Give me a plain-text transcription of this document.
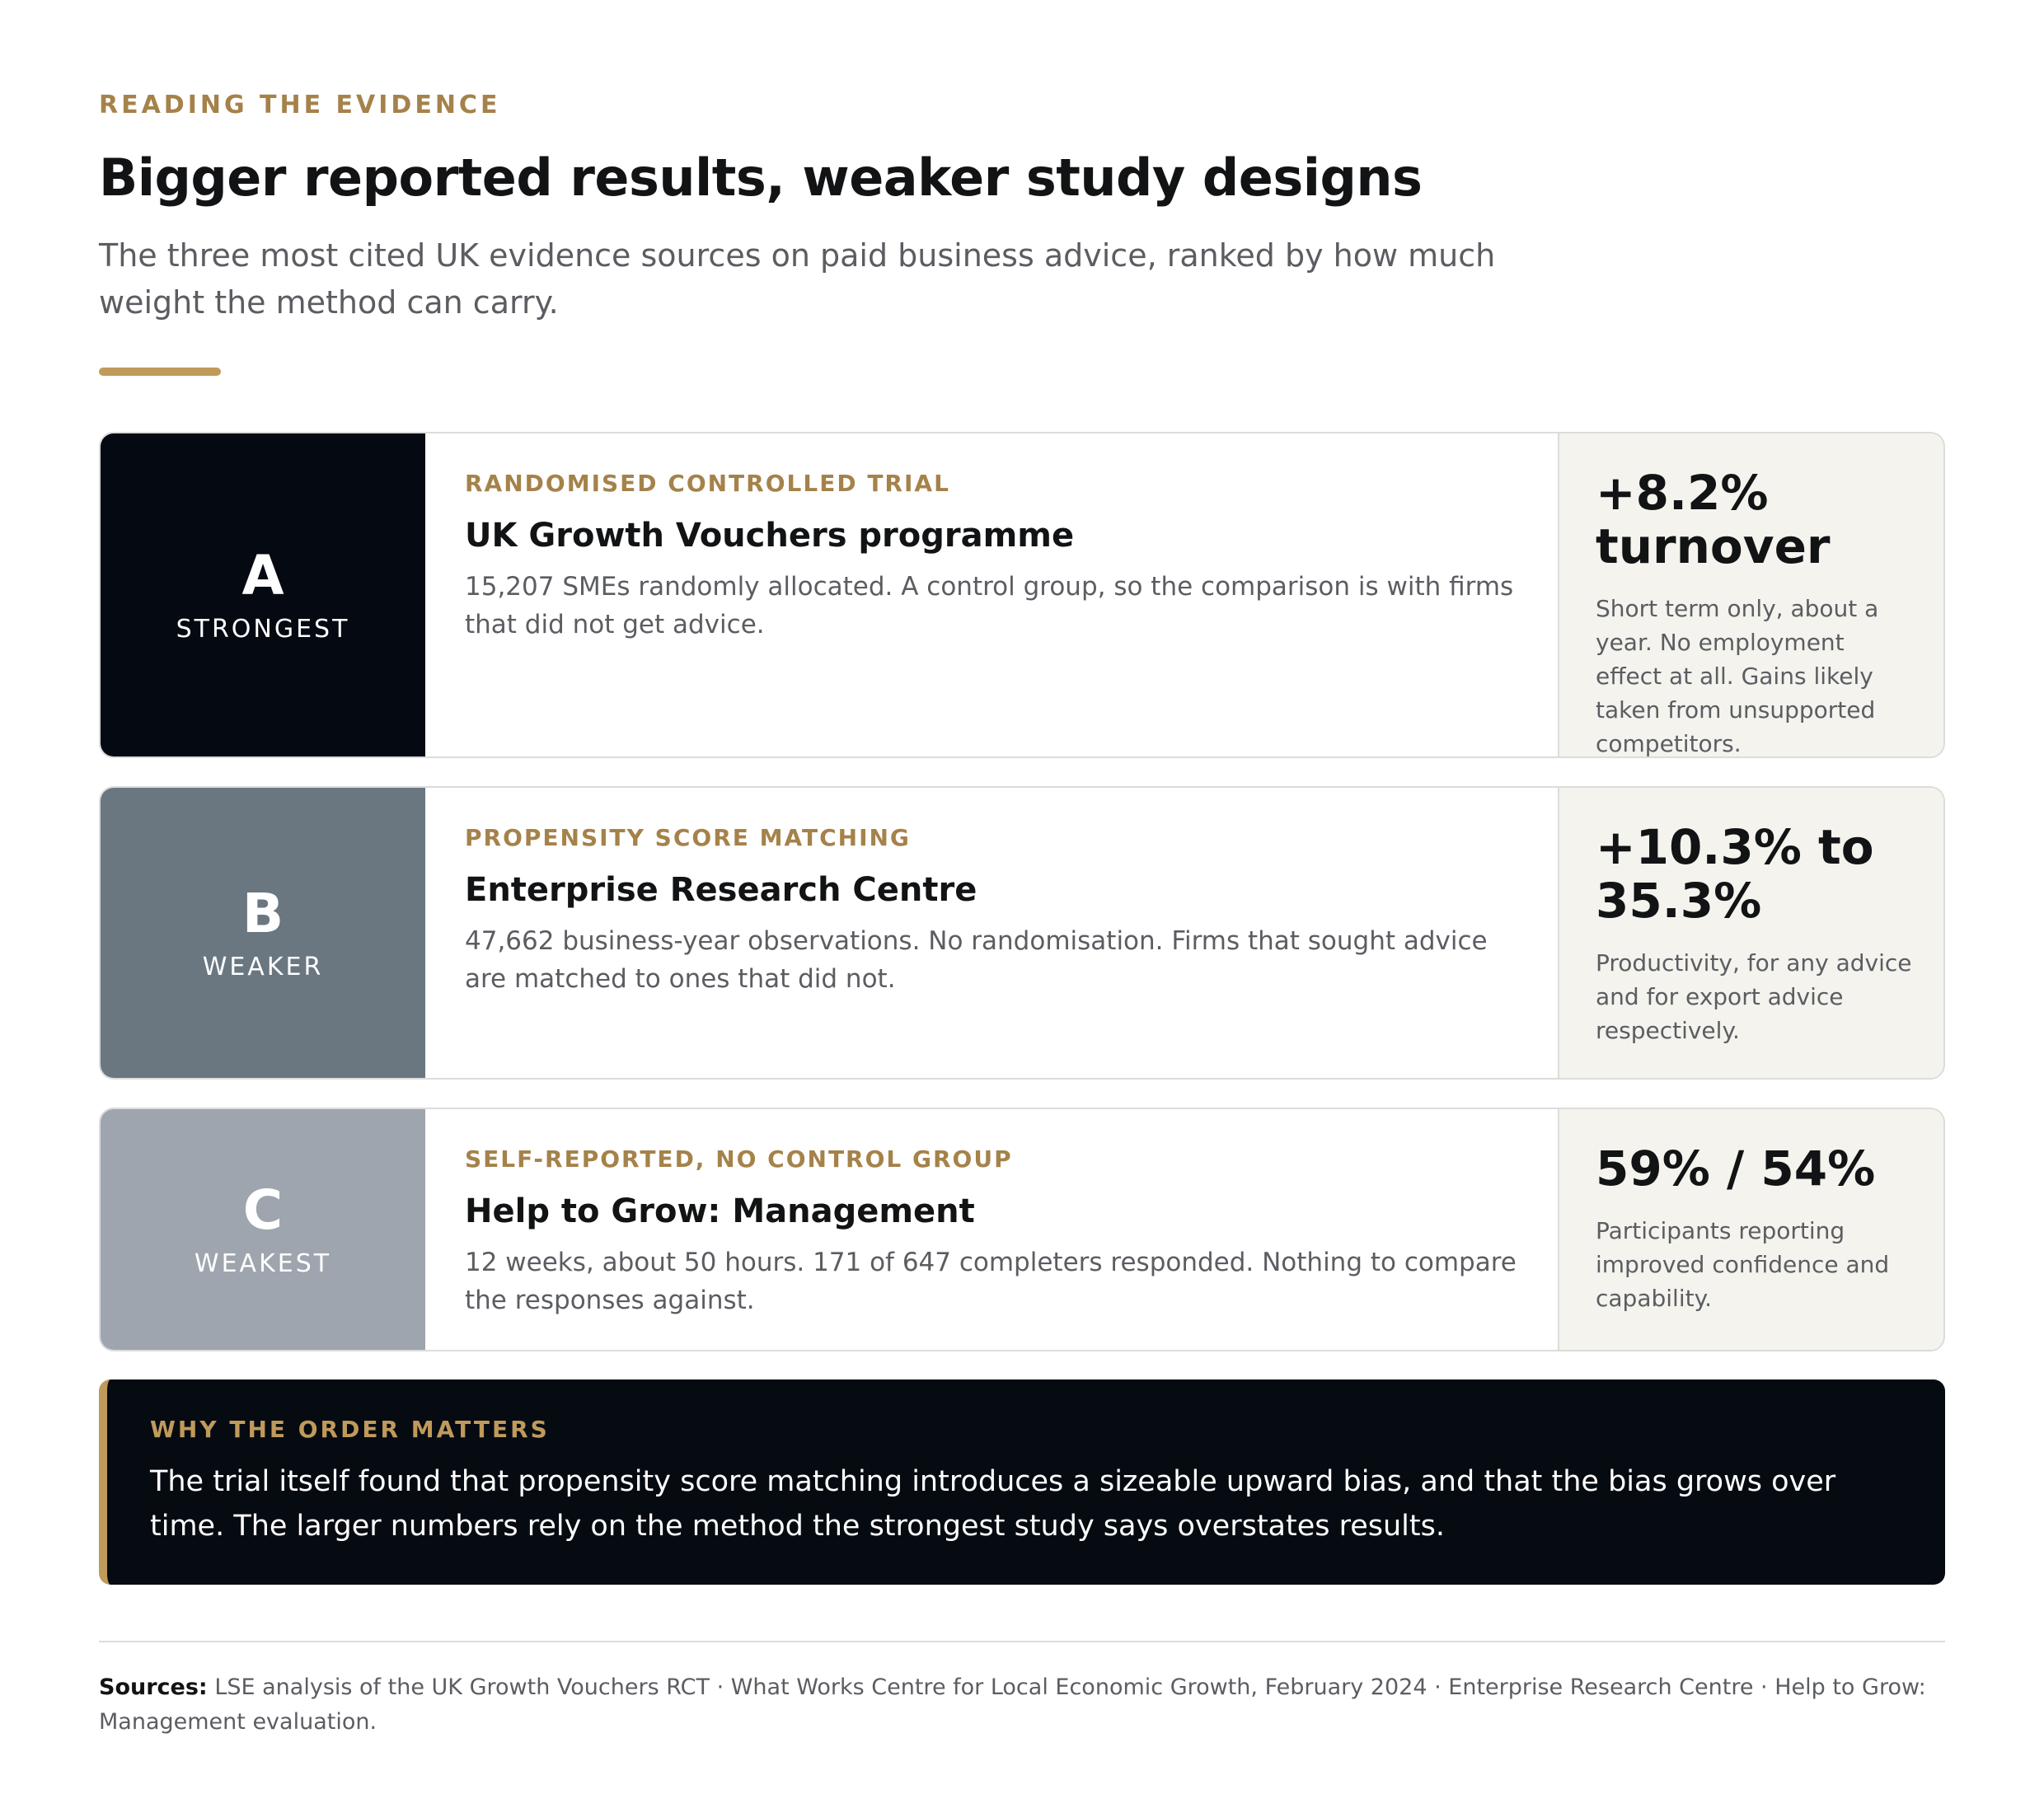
READING THE EVIDENCE

Bigger reported results, weaker study designs

The three most cited UK evidence sources on paid business advice, ranked by how much weight the method can carry.

A
STRONGEST
RANDOMISED CONTROLLED TRIAL
UK Growth Vouchers programme
15,207 SMEs randomly allocated. A control group, so the comparison is with firms that did not get advice.
+8.2% turnover
Short term only, about a year. No employment effect at all. Gains likely taken from unsupported competitors.
B
WEAKER
PROPENSITY SCORE MATCHING
Enterprise Research Centre
47,662 business-year observations. No randomisation. Firms that sought advice are matched to ones that did not.
+10.3% to 35.3%
Productivity, for any advice and for export advice respectively.
C
WEAKEST
SELF-REPORTED, NO CONTROL GROUP
Help to Grow: Management
12 weeks, about 50 hours. 171 of 647 completers responded. Nothing to compare the responses against.
59% / 54%
Participants reporting improved confidence and capability.
WHY THE ORDER MATTERS
The trial itself found that propensity score matching introduces a sizeable upward bias, and that the bias grows over time. The larger numbers rely on the method the strongest study says overstates results.
Sources: LSE analysis of the UK Growth Vouchers RCT · What Works Centre for Local Economic Growth, February 2024 · Enterprise Research Centre · Help to Grow: Management evaluation.
